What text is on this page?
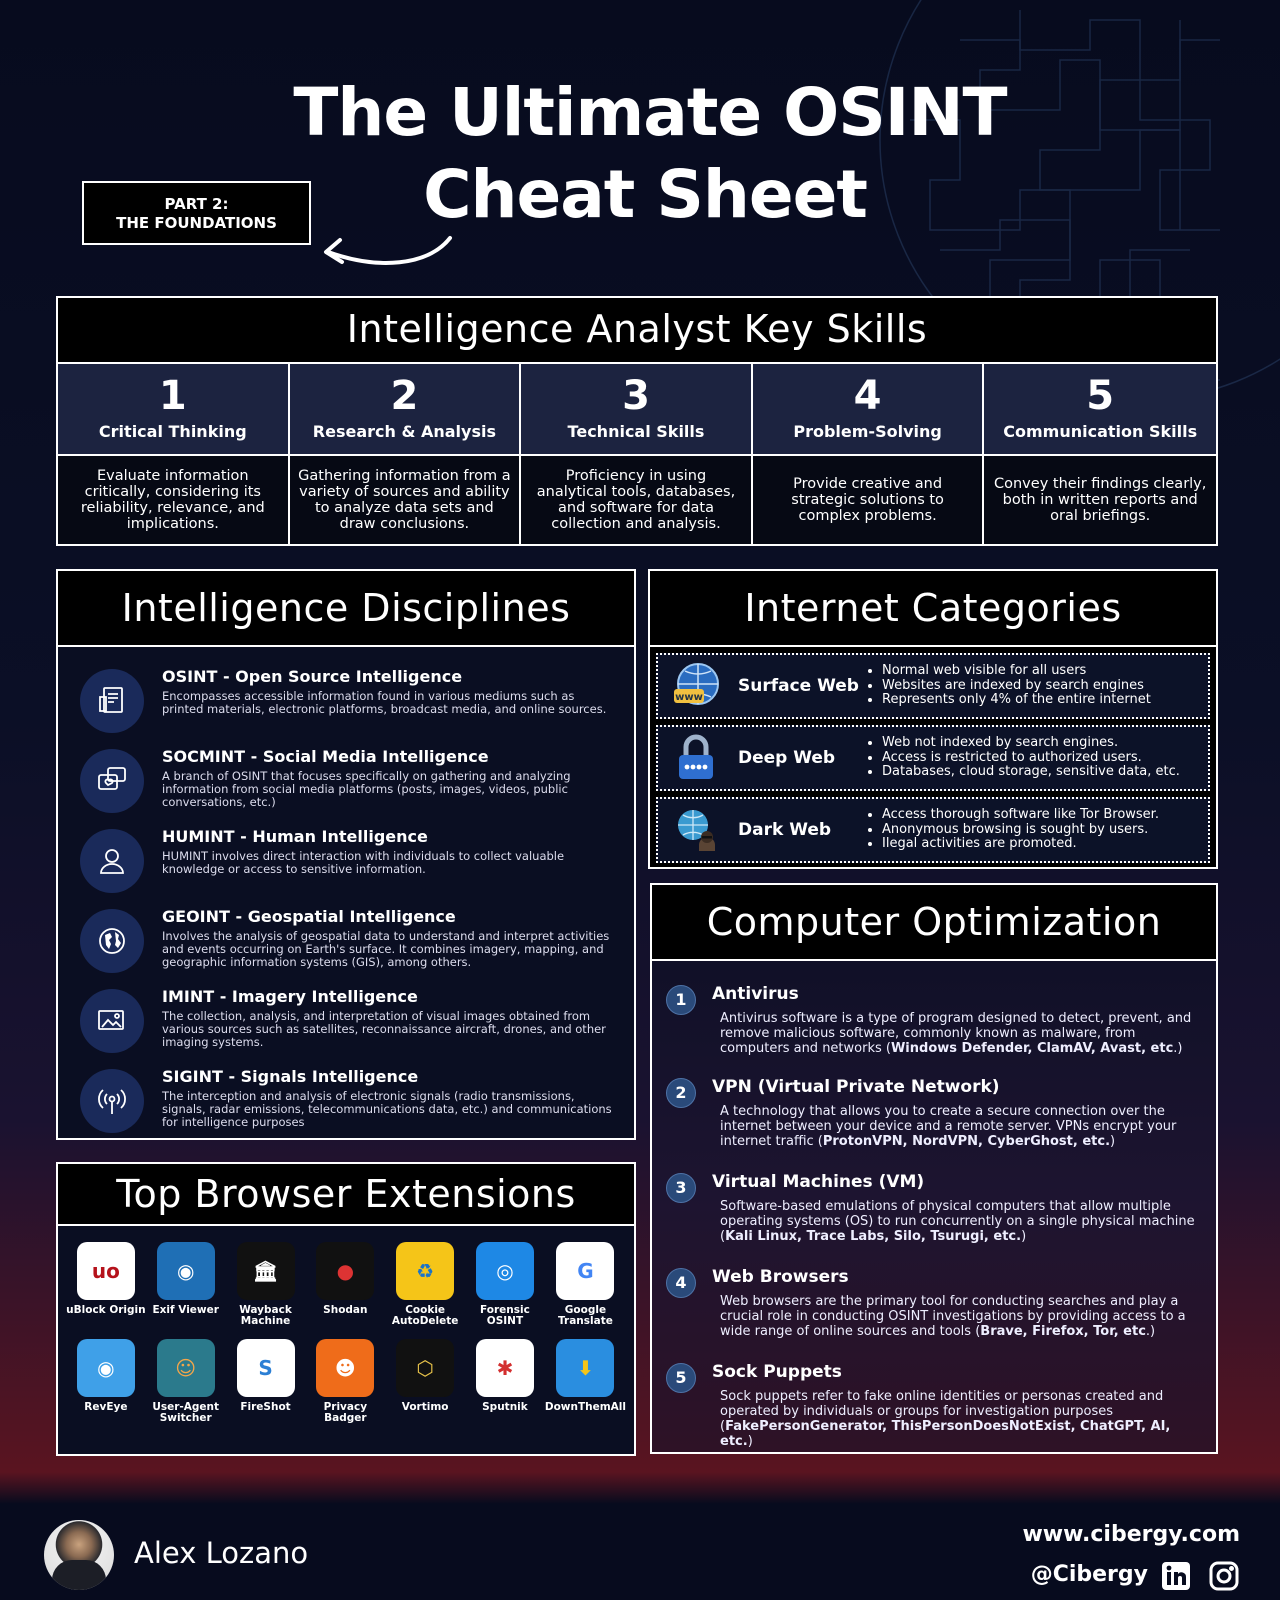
The Ultimate OSINT
Cheat Sheet
PART 2:
THE FOUNDATIONS
Intelligence Analyst Key Skills
1
Critical Thinking
Evaluate information critically, considering its reliability, relevance, and implications.
2
Research & Analysis
Gathering information from a variety of sources and ability to analyze data sets and draw conclusions.
3
Technical Skills
Proficiency in using analytical tools, databases, and software for data collection and analysis.
4
Problem-Solving
Provide creative and strategic solutions to complex problems.
5
Communication Skills
Convey their findings clearly, both in written reports and oral briefings.
Intelligence Disciplines
OSINT - Open Source Intelligence

Encompasses accessible information found in various mediums such as printed materials, electronic platforms, broadcast media, and online sources.

SOCMINT - Social Media Intelligence

A branch of OSINT that focuses specifically on gathering and analyzing information from social media platforms (posts, images, videos, public conversations, etc.)

HUMINT - Human Intelligence

HUMINT involves direct interaction with individuals to collect valuable knowledge or access to sensitive information.

GEOINT - Geospatial Intelligence

Involves the analysis of geospatial data to understand and interpret activities and events occurring on Earth's surface. It combines imagery, mapping, and geographic information systems (GIS), among others.

IMINT - Imagery Intelligence

The collection, analysis, and interpretation of visual images obtained from various sources such as satellites, reconnaissance aircraft, drones, and other imaging systems.

SIGINT - Signals Intelligence

The interception and analysis of electronic signals (radio transmissions, signals, radar emissions, telecommunications data, etc.) and communications for intelligence purposes

Top Browser Extensions
uo
uBlock Origin
◉
Exif Viewer
🏛
Wayback Machine
●
Shodan
♻
Cookie AutoDelete
◎
Forensic OSINT
G
Google Translate
◉
RevEye
☺
User-Agent Switcher
S
FireShot
☻
Privacy Badger
⬡
Vortimo
✱
Sputnik
⬇
DownThemAll
Internet Categories
www
Surface Web
• Normal web visible for all users
• Websites are indexed by search engines
• Represents only 4% of the entire internet
Deep Web
• Web not indexed by search engines.
• Access is restricted to authorized users.
• Databases, cloud storage, sensitive data, etc.
Dark Web
• Access thorough software like Tor Browser.
• Anonymous browsing is sought by users.
• Ilegal activities are promoted.
Computer Optimization
1	Antivirus

Antivirus software is a type of program designed to detect, prevent, and remove malicious software, commonly known as malware, from computers and networks (Windows Defender, ClamAV, Avast, etc.)

2	VPN (Virtual Private Network)

A technology that allows you to create a secure connection over the internet between your device and a remote server. VPNs encrypt your internet traffic (ProtonVPN, NordVPN, CyberGhost, etc.)

3	Virtual Machines (VM)

Software-based emulations of physical computers that allow multiple operating systems (OS) to run concurrently on a single physical machine (Kali Linux, Trace Labs, Silo, Tsurugi, etc.)

4	Web Browsers

Web browsers are the primary tool for conducting searches and play a crucial role in conducting OSINT investigations by providing access to a wide range of online sources and tools (Brave, Firefox, Tor, etc.)

5	Sock Puppets

Sock puppets refer to fake online identities or personas created and operated by individuals or groups for investigation purposes (FakePersonGenerator, ThisPersonDoesNotExist, ChatGPT, AI, etc.)

Alex Lozano
www.cibergy.com
@Cibergy
